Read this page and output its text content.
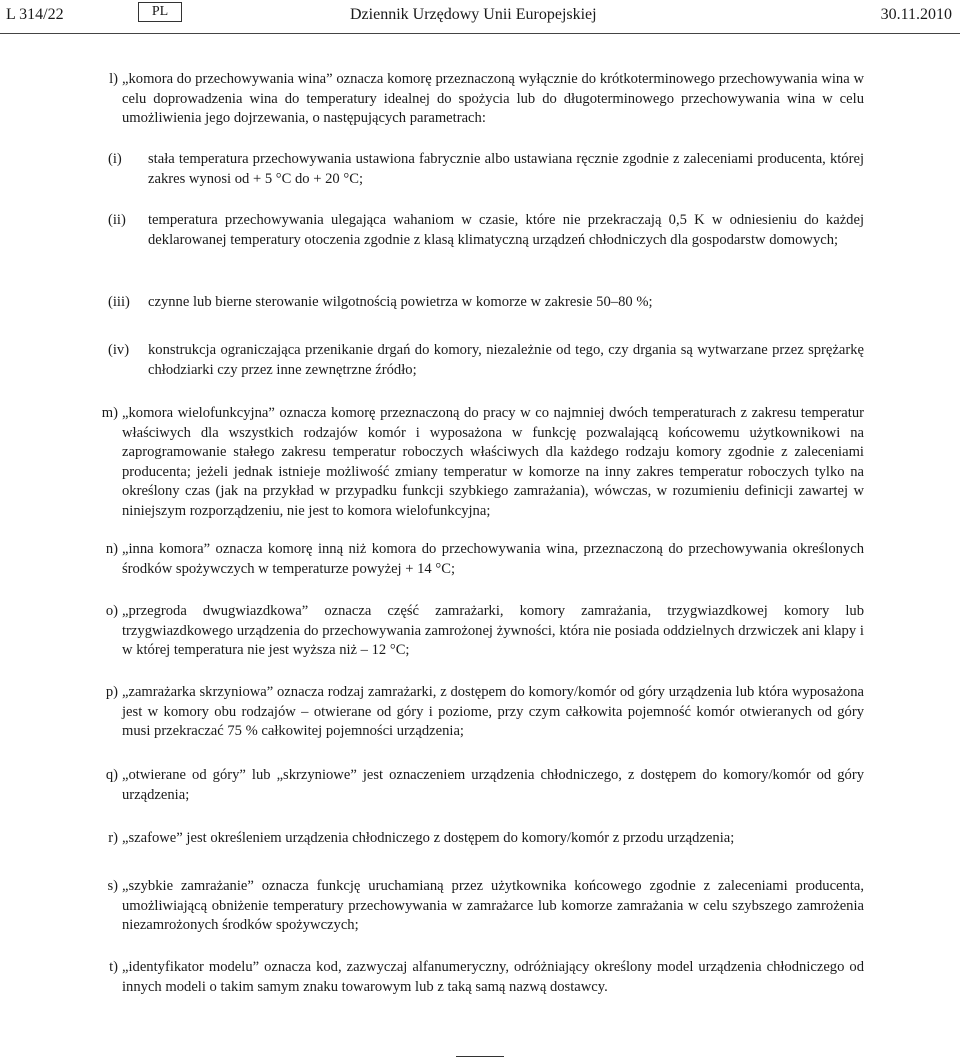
L 314/22	PL	Dziennik Urzędowy Unii Europejskiej	30.11.2010
l) „komora do przechowywania wina” oznacza komorę przeznaczoną wyłącznie do krótkoterminowego przechowywania wina w celu doprowadzenia wina do temperatury idealnej do spożycia lub do długoterminowego przechowywania wina w celu umożliwienia jego dojrzewania, o następujących parametrach:
(i) stała temperatura przechowywania ustawiona fabrycznie albo ustawiana ręcznie zgodnie z zaleceniami producenta, której zakres wynosi od + 5 °C do + 20 °C;
(ii) temperatura przechowywania ulegająca wahaniom w czasie, które nie przekraczają 0,5 K w odniesieniu do każdej deklarowanej temperatury otoczenia zgodnie z klasą klimatyczną urządzeń chłodniczych dla gospodarstw domowych;
(iii) czynne lub bierne sterowanie wilgotnością powietrza w komorze w zakresie 50–80 %;
(iv) konstrukcja ograniczająca przenikanie drgań do komory, niezależnie od tego, czy drgania są wytwarzane przez sprężarkę chłodziarki czy przez inne zewnętrzne źródło;
m) „komora wielofunkcyjna” oznacza komorę przeznaczoną do pracy w co najmniej dwóch temperaturach z zakresu temperatur właściwych dla wszystkich rodzajów komór i wyposażona w funkcję pozwalającą końcowemu użytkownikowi na zaprogramowanie stałego zakresu temperatur roboczych właściwych dla każdego rodzaju komory zgodnie z zaleceniami producenta; jeżeli jednak istnieje możliwość zmiany temperatur w komorze na inny zakres temperatur roboczych tylko na określony czas (jak na przykład w przypadku funkcji szybkiego zamrażania), wówczas, w rozumieniu definicji zawartej w niniejszym rozporządzeniu, nie jest to komora wielofunkcyjna;
n) „inna komora” oznacza komorę inną niż komora do przechowywania wina, przeznaczoną do przechowywania określonych środków spożywczych w temperaturze powyżej + 14 °C;
o) „przegroda dwugwiazdkowa” oznacza część zamrażarki, komory zamrażania, trzygwiazdkowej komory lub trzygwiazdkowego urządzenia do przechowywania zamrożonej żywności, która nie posiada oddzielnych drzwiczek ani klapy i w której temperatura nie jest wyższa niż – 12 °C;
p) „zamrażarka skrzyniowa” oznacza rodzaj zamrażarki, z dostępem do komory/komór od góry urządzenia lub która wyposażona jest w komory obu rodzajów – otwierane od góry i poziome, przy czym całkowita pojemność komór otwieranych od góry musi przekraczać 75 % całkowitej pojemności urządzenia;
q) „otwierane od góry” lub „skrzyniowe” jest oznaczeniem urządzenia chłodniczego, z dostępem do komory/komór od góry urządzenia;
r) „szafowe” jest określeniem urządzenia chłodniczego z dostępem do komory/komór z przodu urządzenia;
s) „szybkie zamrażanie” oznacza funkcję uruchamianą przez użytkownika końcowego zgodnie z zaleceniami producenta, umożliwiającą obniżenie temperatury przechowywania w zamrażarce lub komorze zamrażania w celu szybszego zamrożenia niezamrożonych środków spożywczych;
t) „identyfikator modelu” oznacza kod, zazwyczaj alfanumeryczny, odróżniający określony model urządzenia chłodniczego od innych modeli o takim samym znaku towarowym lub z taką samą nazwą dostawcy.
